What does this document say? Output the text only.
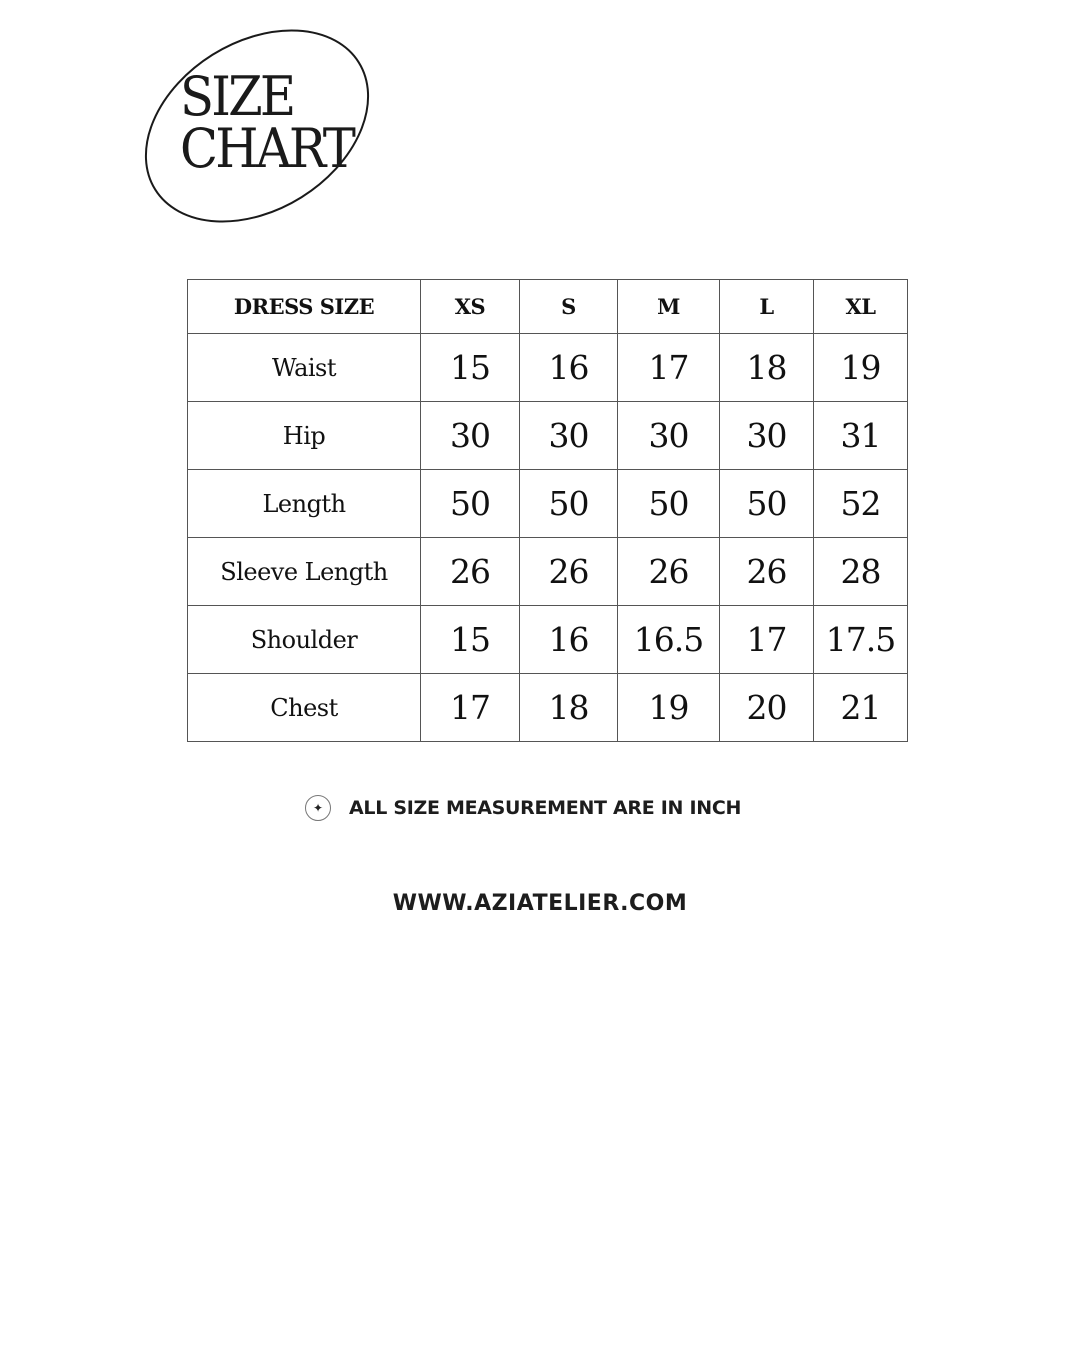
SIZE
CHART
DRESS SIZE	XS	S	M	L	XL
Waist	15	16	17	18	19
Hip	30	30	30	30	31
Length	50	50	50	50	52
Sleeve Length	26	26	26	26	28
Shoulder	15	16	16.5	17	17.5
Chest	17	18	19	20	21
✦	ALL SIZE MEASUREMENT ARE IN INCH
WWW.AZIATELIER.COM
